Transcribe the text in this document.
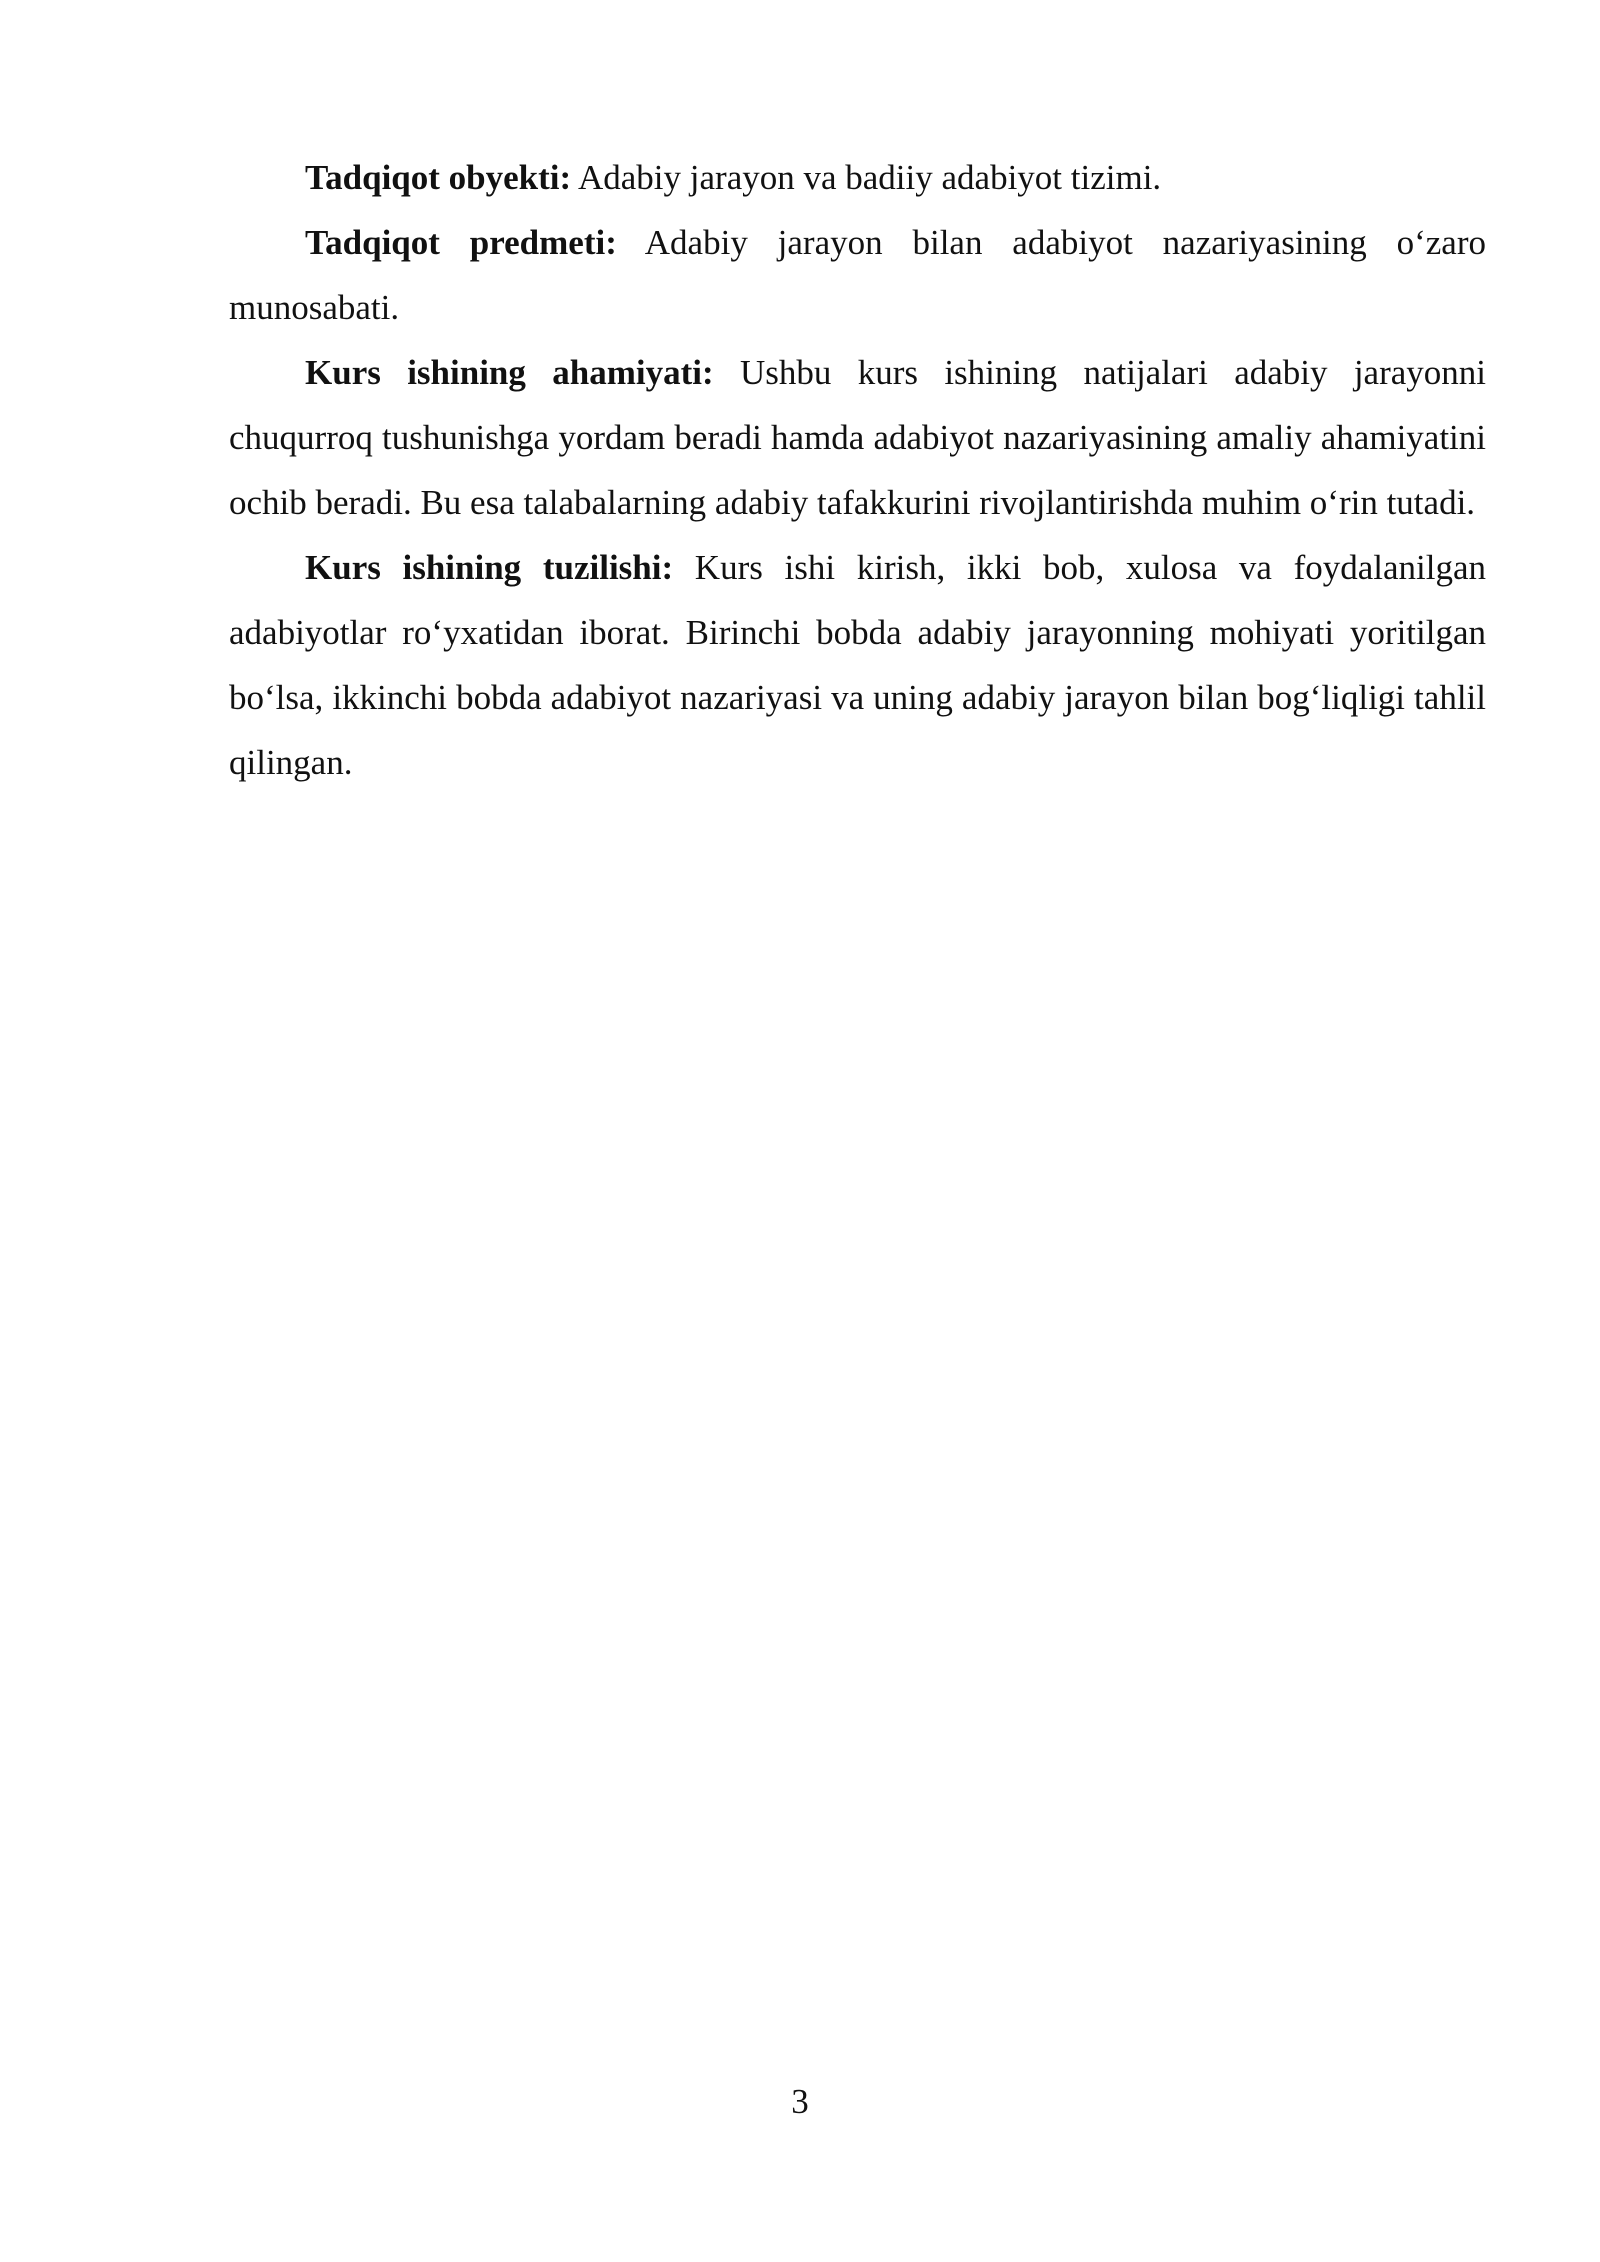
Tadqiqot obyekti: Adabiy jarayon va badiiy adabiyot tizimi.

Tadqiqot predmeti: Adabiy jarayon bilan adabiyot nazariyasining o‘zaro munosabati.

Kurs ishining ahamiyati: Ushbu kurs ishining natijalari adabiy jarayonni chuqurroq tushunishga yordam beradi hamda adabiyot nazariyasining amaliy ahamiyatini ochib beradi. Bu esa talabalarning adabiy tafakkurini rivojlantirishda muhim o‘rin tutadi.

Kurs ishining tuzilishi: Kurs ishi kirish, ikki bob, xulosa va foydalanilgan adabiyotlar ro‘yxatidan iborat. Birinchi bobda adabiy jarayonning mohiyati yoritilgan bo‘lsa, ikkinchi bobda adabiyot nazariyasi va uning adabiy jarayon bilan bog‘liqligi tahlil qilingan.

3
